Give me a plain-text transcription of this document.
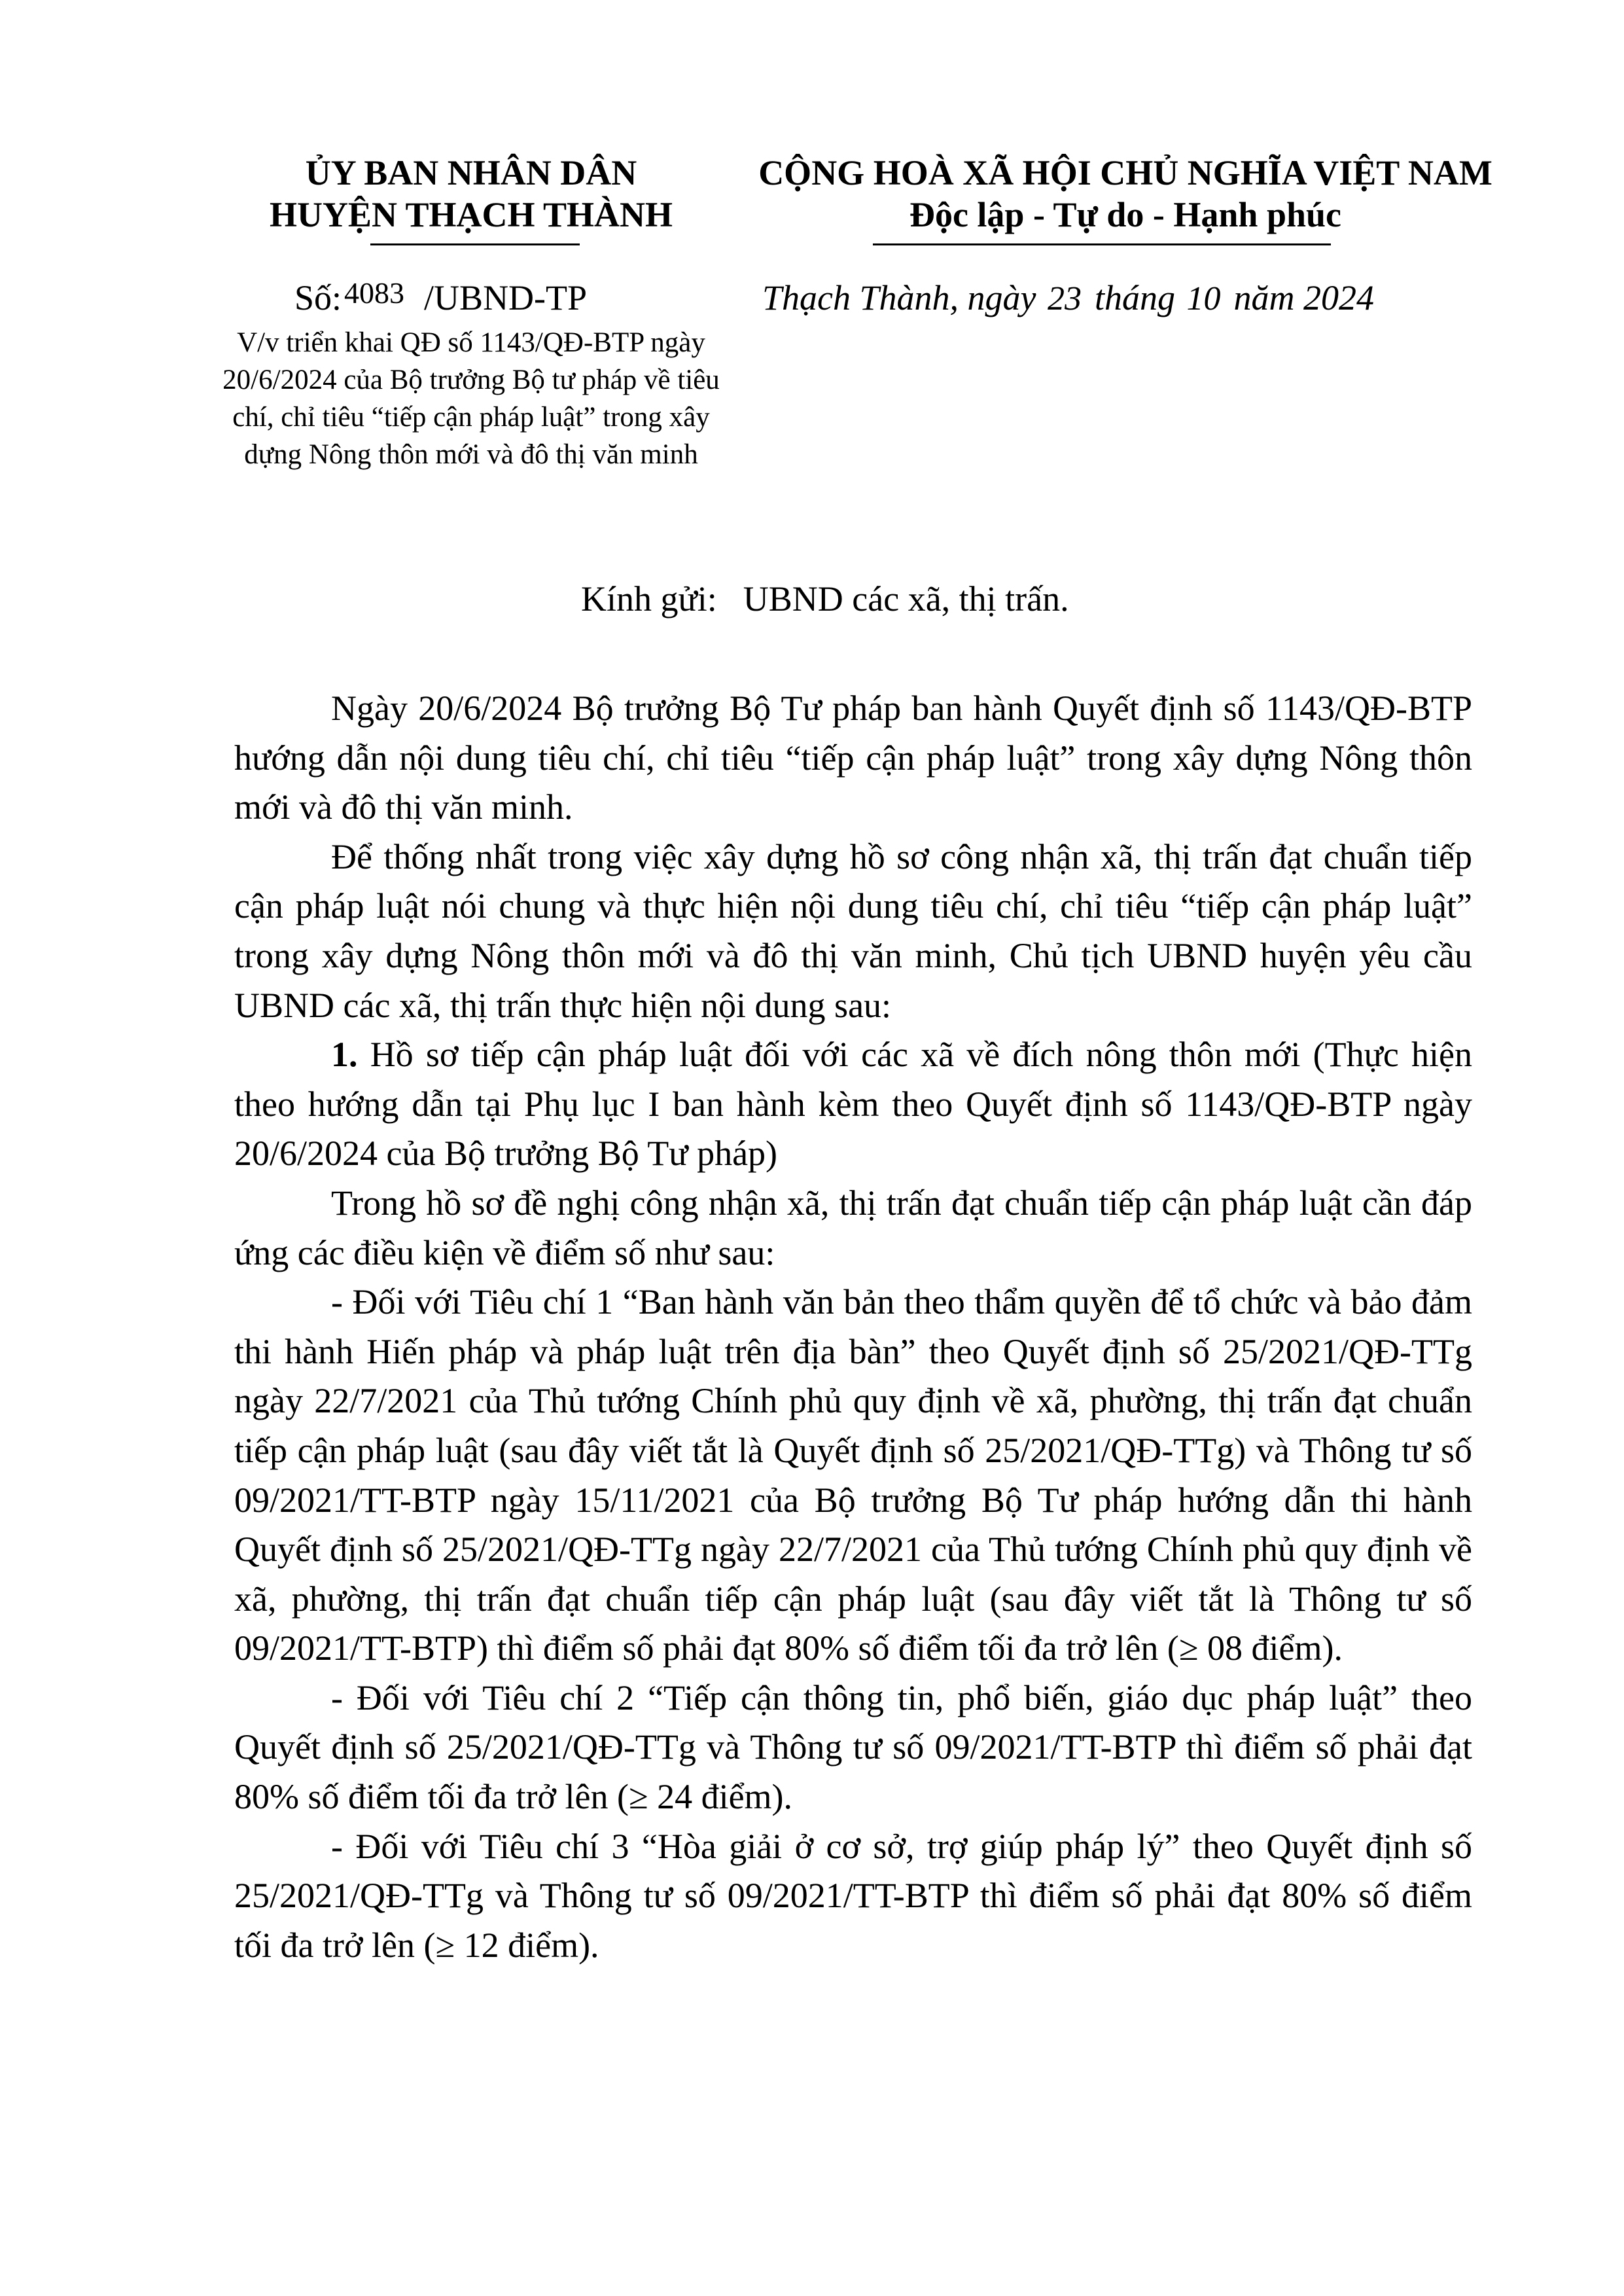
ỦY BAN NHÂN DÂN
HUYỆN THẠCH THÀNH
CỘNG HOÀ XÃ HỘI CHỦ NGHĨA VIỆT NAM
Độc lập - Tự do - Hạnh phúc
Số:4083 /UBND-TP
V/v triển khai QĐ số 1143/QĐ-BTP ngày 20/6/2024 của Bộ trưởng Bộ tư pháp về tiêu chí, chỉ tiêu “tiếp cận pháp luật” trong xây dựng Nông thôn mới và đô thị văn minh
Thạch Thành, ngày 23 tháng 10 năm 2024
Kính gửi: UBND các xã, thị trấn.

Ngày 20/6/2024 Bộ trưởng Bộ Tư pháp ban hành Quyết định số 1143/QĐ-BTP hướng dẫn nội dung tiêu chí, chỉ tiêu “tiếp cận pháp luật” trong xây dựng Nông thôn mới và đô thị văn minh.

Để thống nhất trong việc xây dựng hồ sơ công nhận xã, thị trấn đạt chuẩn tiếp cận pháp luật nói chung và thực hiện nội dung tiêu chí, chỉ tiêu “tiếp cận pháp luật” trong xây dựng Nông thôn mới và đô thị văn minh, Chủ tịch UBND huyện yêu cầu UBND các xã, thị trấn thực hiện nội dung sau:

1. Hồ sơ tiếp cận pháp luật đối với các xã về đích nông thôn mới (Thực hiện theo hướng dẫn tại Phụ lục I ban hành kèm theo Quyết định số 1143/QĐ-BTP ngày 20/6/2024 của Bộ trưởng Bộ Tư pháp)

Trong hồ sơ đề nghị công nhận xã, thị trấn đạt chuẩn tiếp cận pháp luật cần đáp ứng các điều kiện về điểm số như sau:

- Đối với Tiêu chí 1 “Ban hành văn bản theo thẩm quyền để tổ chức và bảo đảm thi hành Hiến pháp và pháp luật trên địa bàn” theo Quyết định số 25/2021/QĐ-TTg ngày 22/7/2021 của Thủ tướng Chính phủ quy định về xã, phường, thị trấn đạt chuẩn tiếp cận pháp luật (sau đây viết tắt là Quyết định số 25/2021/QĐ-TTg) và Thông tư số 09/2021/TT-BTP ngày 15/11/2021 của Bộ trưởng Bộ Tư pháp hướng dẫn thi hành Quyết định số 25/2021/QĐ-TTg ngày 22/7/2021 của Thủ tướng Chính phủ quy định về xã, phường, thị trấn đạt chuẩn tiếp cận pháp luật (sau đây viết tắt là Thông tư số 09/2021/TT-BTP) thì điểm số phải đạt 80% số điểm tối đa trở lên (≥ 08 điểm).

- Đối với Tiêu chí 2 “Tiếp cận thông tin, phổ biến, giáo dục pháp luật” theo Quyết định số 25/2021/QĐ-TTg và Thông tư số 09/2021/TT-BTP thì điểm số phải đạt 80% số điểm tối đa trở lên (≥ 24 điểm).

- Đối với Tiêu chí 3 “Hòa giải ở cơ sở, trợ giúp pháp lý” theo Quyết định số 25/2021/QĐ-TTg và Thông tư số 09/2021/TT-BTP thì điểm số phải đạt 80% số điểm tối đa trở lên (≥ 12 điểm).
